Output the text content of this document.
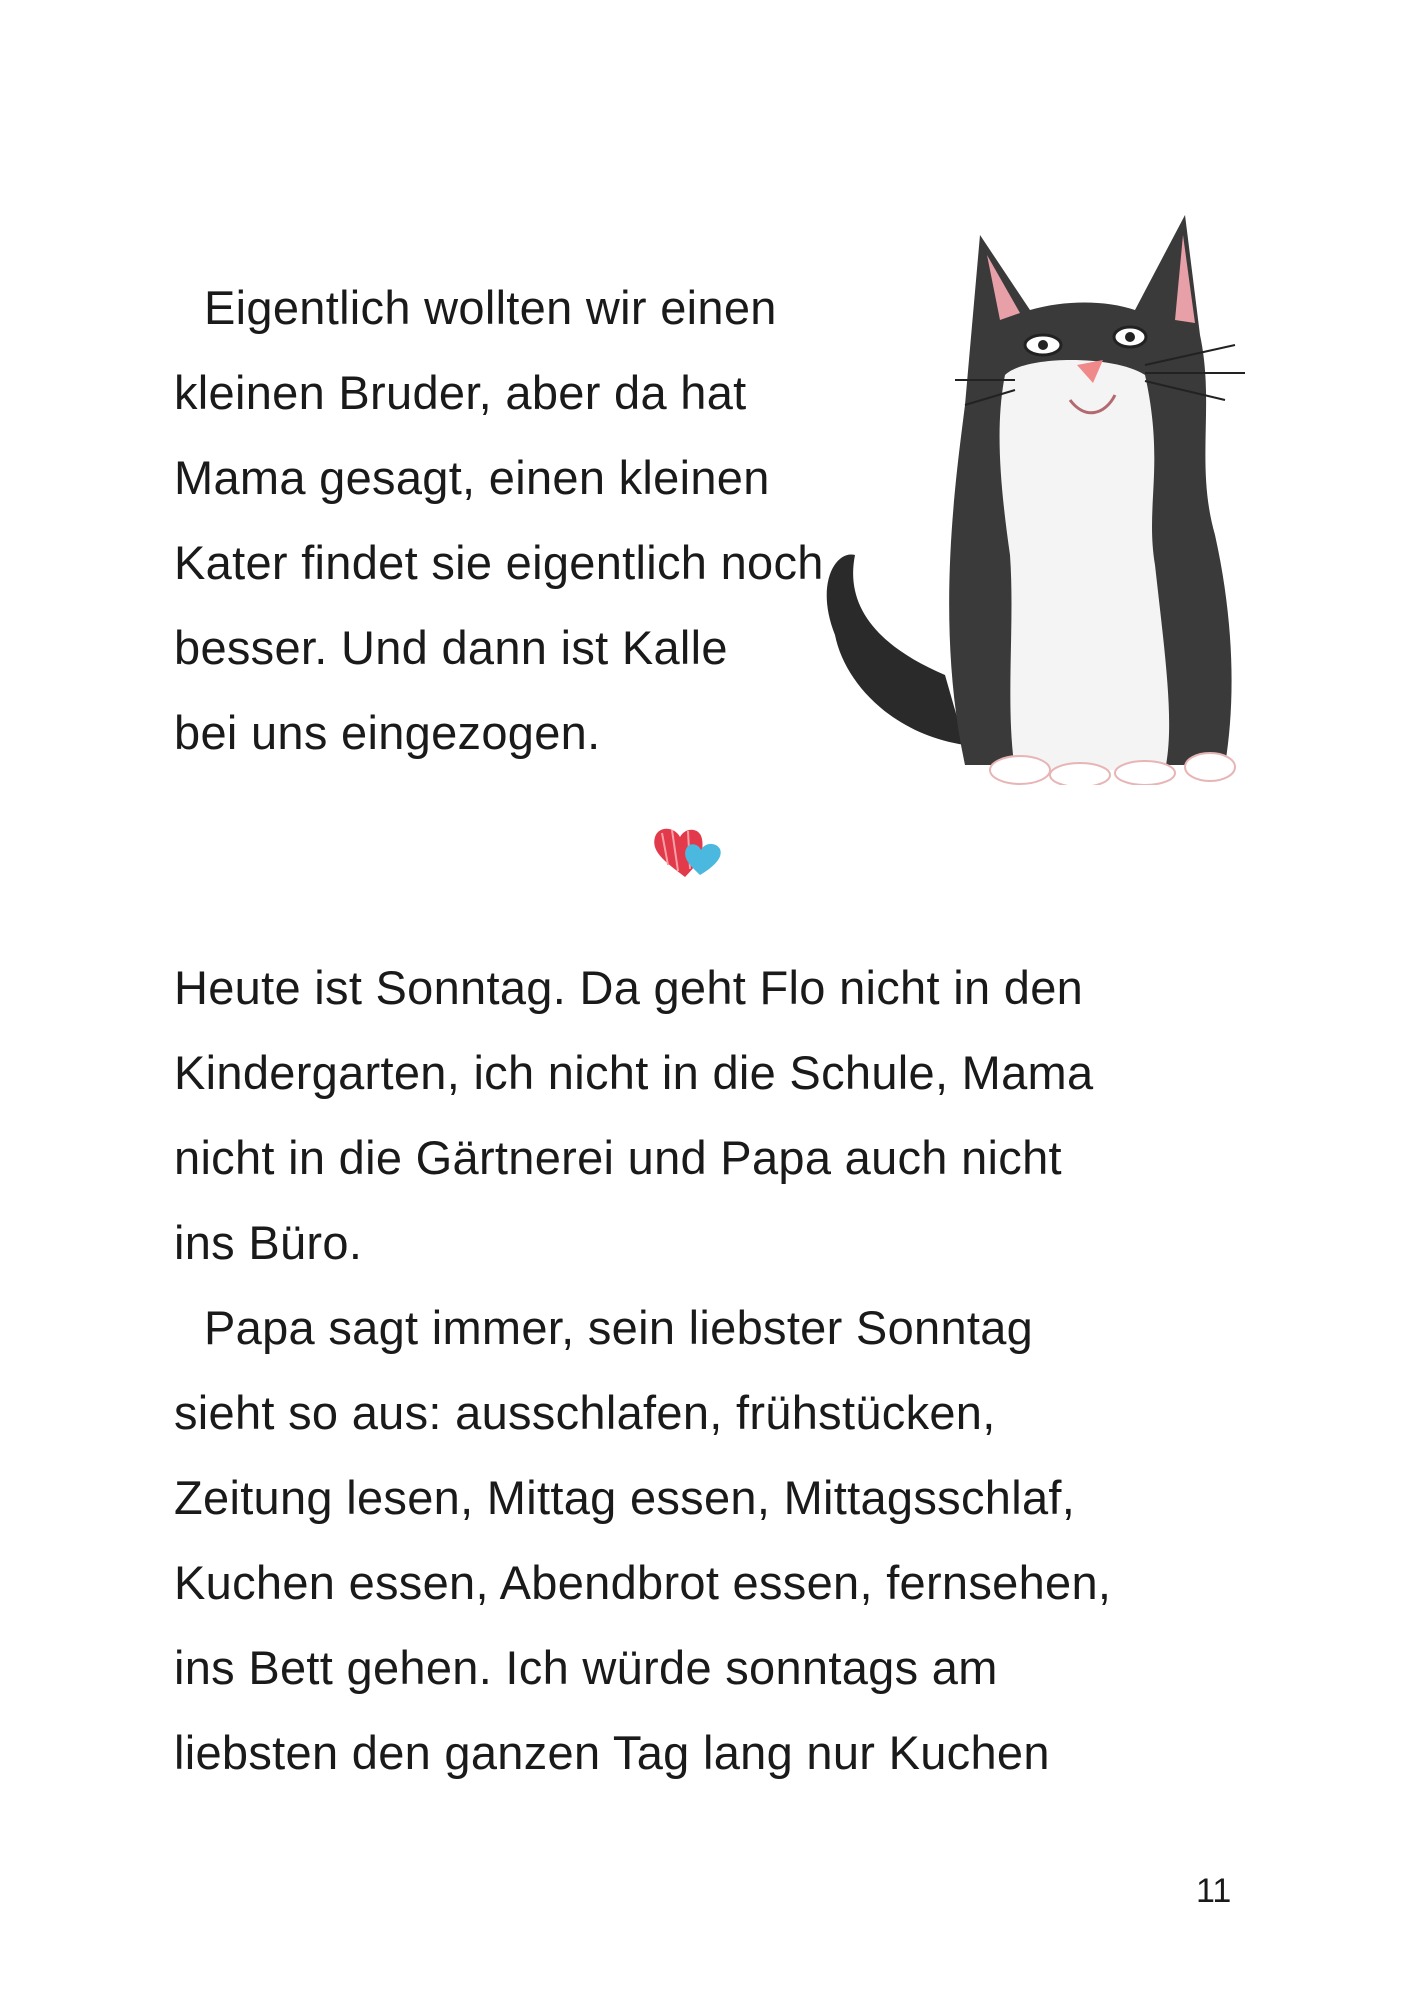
Eigentlich wollten wir einen
kleinen Bruder, aber da hat
Mama gesagt, einen kleinen
Kater findet sie eigentlich noch
besser. Und dann ist Kalle
bei uns eingezogen.
Heute ist Sonntag. Da geht Flo nicht in den
Kindergarten, ich nicht in die Schule, Mama
nicht in die Gärtnerei und Papa auch nicht
ins Büro.
Papa sagt immer, sein liebster Sonntag
sieht so aus: ausschlafen, frühstücken,
Zeitung lesen, Mittag essen, Mittagsschlaf,
Kuchen essen, Abendbrot essen, fernsehen,
ins Bett gehen. Ich würde sonntags am
liebsten den ganzen Tag lang nur Kuchen
11
